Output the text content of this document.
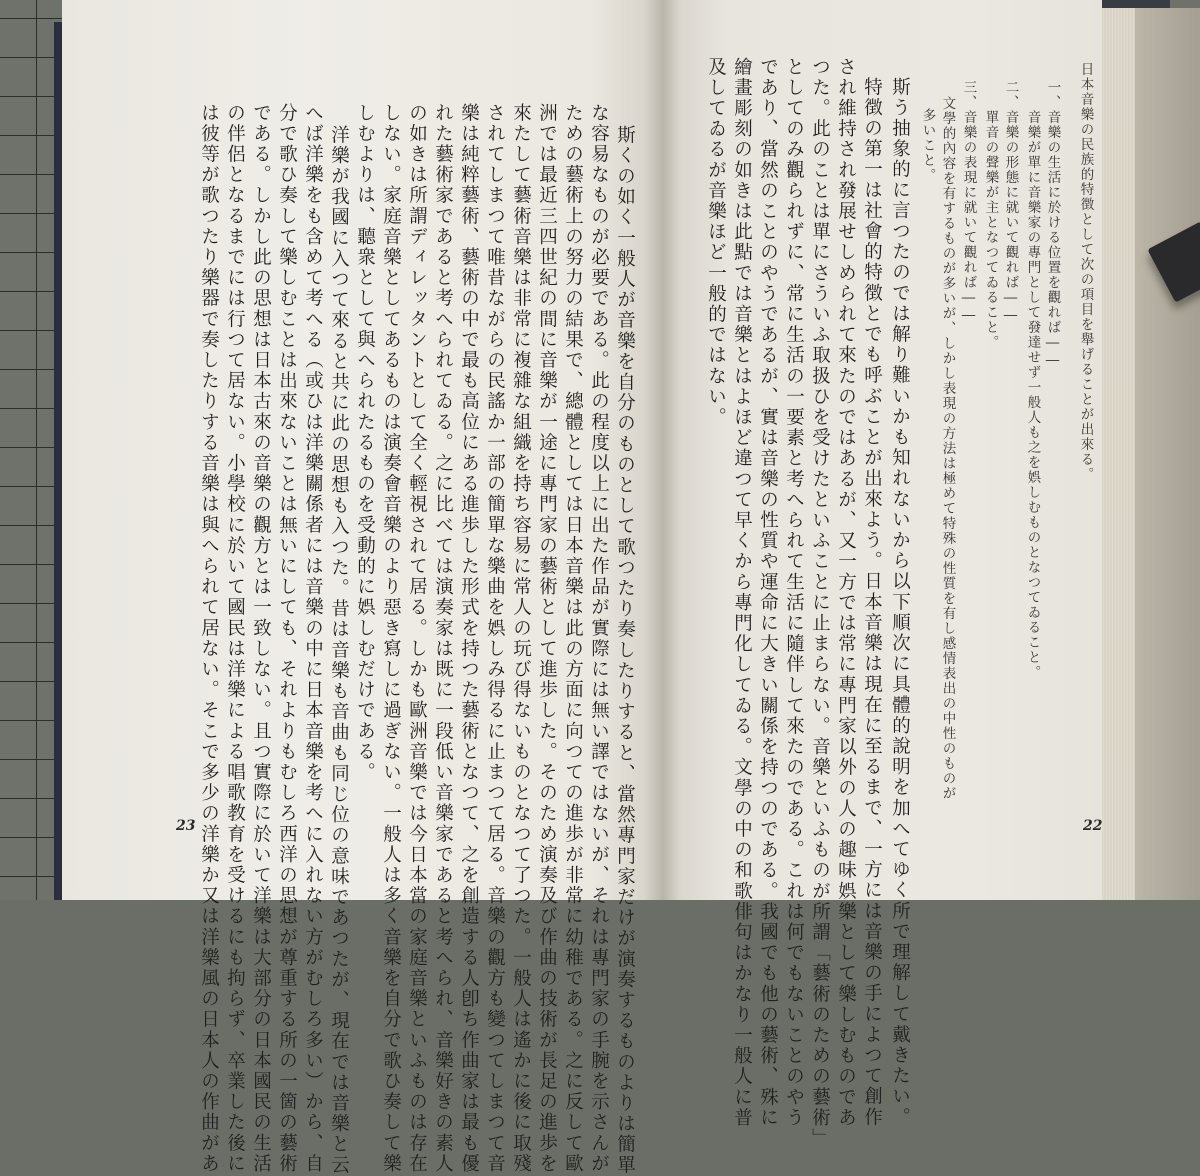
斯くの如く一般人が音樂を自分のものとして歌つたり奏したりすると、當然專門家だけが演奏するものよりは簡單
な容易なものが必要である。此の程度以上に出た作品が實際には無い譯ではないが、それは專門家の手腕を示さんが
ための藝術上の努力の結果で、總體としては日本音樂は此の方面に向つての進歩が非常に幼稚である。之に反して歐
洲では最近三四世紀の間に音樂が一途に專門家の藝術として進歩した。そのため演奏及び作曲の技術が長足の進歩を
來たして藝術音樂は非常に複雜な組織を持ち容易に常人の玩び得ないものとなつて了つた。一般人は遙かに後に取殘
されてしまつて唯昔ながらの民謠か一部の簡單な樂曲を娯しみ得るに止まつて居る。音樂の觀方も變つてしまつて音
樂は純粹藝術、藝術の中で最も高位にある進歩した形式を持つた藝術となつて、之を創造する人卽ち作曲家は最も優
れた藝術家であると考へられてゐる。之に比べては演奏家は既に一段低い音樂家であると考へられ、音樂好きの素人
の如きは所謂ディレッタントとして全く輕視されて居る。しかも歐洲音樂では今日本當の家庭音樂といふものは存在
しない。家庭音樂としてあるものは演奏會音樂のより惡き寫しに過ぎない。一般人は多く音樂を自分で歌ひ奏して樂
しむよりは、聽衆として與へられたるものを受動的に娯しむだけである。
洋樂が我國に入つて來ると共に此の思想も入つた。昔は音樂も音曲も同じ位の意味であつたが、現在では音樂と云
へば洋樂をも含めて考へる（或ひは洋樂關係者には音樂の中に日本音樂を考へに入れない方がむしろ多い）から、自
分で歌ひ奏して樂しむことは出來ないことは無いにしても、それよりもむしろ西洋の思想が尊重する所の一箇の藝術
である。しかし此の思想は日本古來の音樂の觀方とは一致しない。且つ實際に於いて洋樂は大部分の日本國民の生活
の伴侶となるまでには行つて居ない。小學校に於いて國民は洋樂による唱歌教育を受けるにも拘らず、卒業した後に
は彼等が歌つたり樂器で奏したりする音樂は與へられて居ない。そこで多少の洋樂か又は洋樂風の日本人の作曲があ
23
日本音樂の民族的特徴として次の項目を舉げることが出來る。
一、音樂の生活に於ける位置を觀れば――
音樂が單に音樂家の專門として發達せず一般人も之を娯しむものとなつてゐること。
二、音樂の形態に就いて觀れば――
單音の聲樂が主となつてゐること。
三、音樂の表現に就いて觀れば――
文學的內容を有するものが多いが、しかし表現の方法は極めて特殊の性質を有し感情表出の中性のものが
多いこと。
斯う抽象的に言つたのでは解り難いかも知れないから以下順次に具體的說明を加へてゆく所で理解して戴きたい。
特徴の第一は社會的特徴とでも呼ぶことが出來よう。日本音樂は現在に至るまで、一方には音樂の手によつて創作
され維持され發展せしめられて來たのではあるが、又一方では常に專門家以外の人の趣味娯樂として樂しむものであ
つた。此のことは單にさういふ取扱ひを受けたといふことに止まらない。音樂といふものが所謂「藝術のための藝術」
としてのみ觀られずに、常に生活の一要素と考へられて生活に隨伴して來たのである。これは何でもないことのやう
であり、當然のことのやうであるが、實は音樂の性質や運命に大きい關係を持つのである。我國でも他の藝術、殊に
繪畫彫刻の如きは此點では音樂とはよほど違つて早くから專門化してゐる。文學の中の和歌俳句はかなり一般人に普
及してゐるが音樂ほど一般的ではない。
22
